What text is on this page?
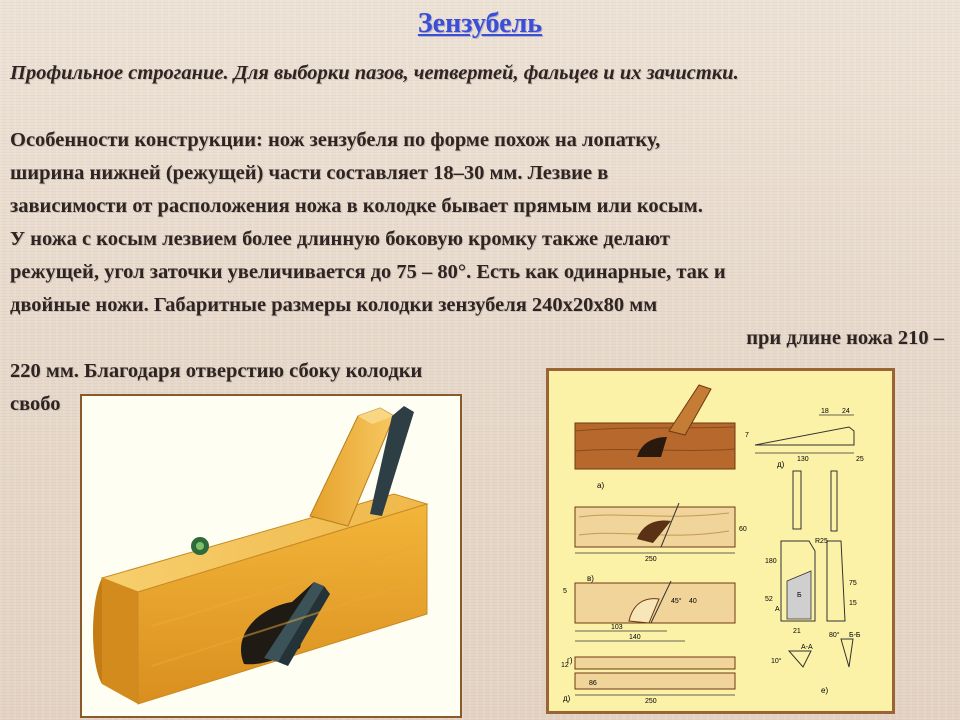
Зензубель
Профильное строгание. Для выборки пазов, четвертей, фальцев и их зачистки.
Особенности конструкции: нож зензубеля по форме похож на лопатку,
ширина нижней (режущей) части составляет 18–30 мм. Лезвие в
зависимости от расположения ножа в колодке бывает прямым или косым.
У ножа с косым лезвием более длинную боковую кромку также делают
режущей, угол заточки увеличивается до 75 – 80°. Есть как одинарные, так и
двойные ножи. Габаритные размеры колодки зензубеля 240х20х80 мм
при длине ножа 210 –
220 мм. Благодаря отверстию сбоку колодки
свобо
а)
18 24
130
7
25
д)
250
60
в)
5
45° 40
103
140
г)
12
86
250
д)
R25
180
52
21
75
15
Б
А
А-А
10°
80° Б-Б
е)
